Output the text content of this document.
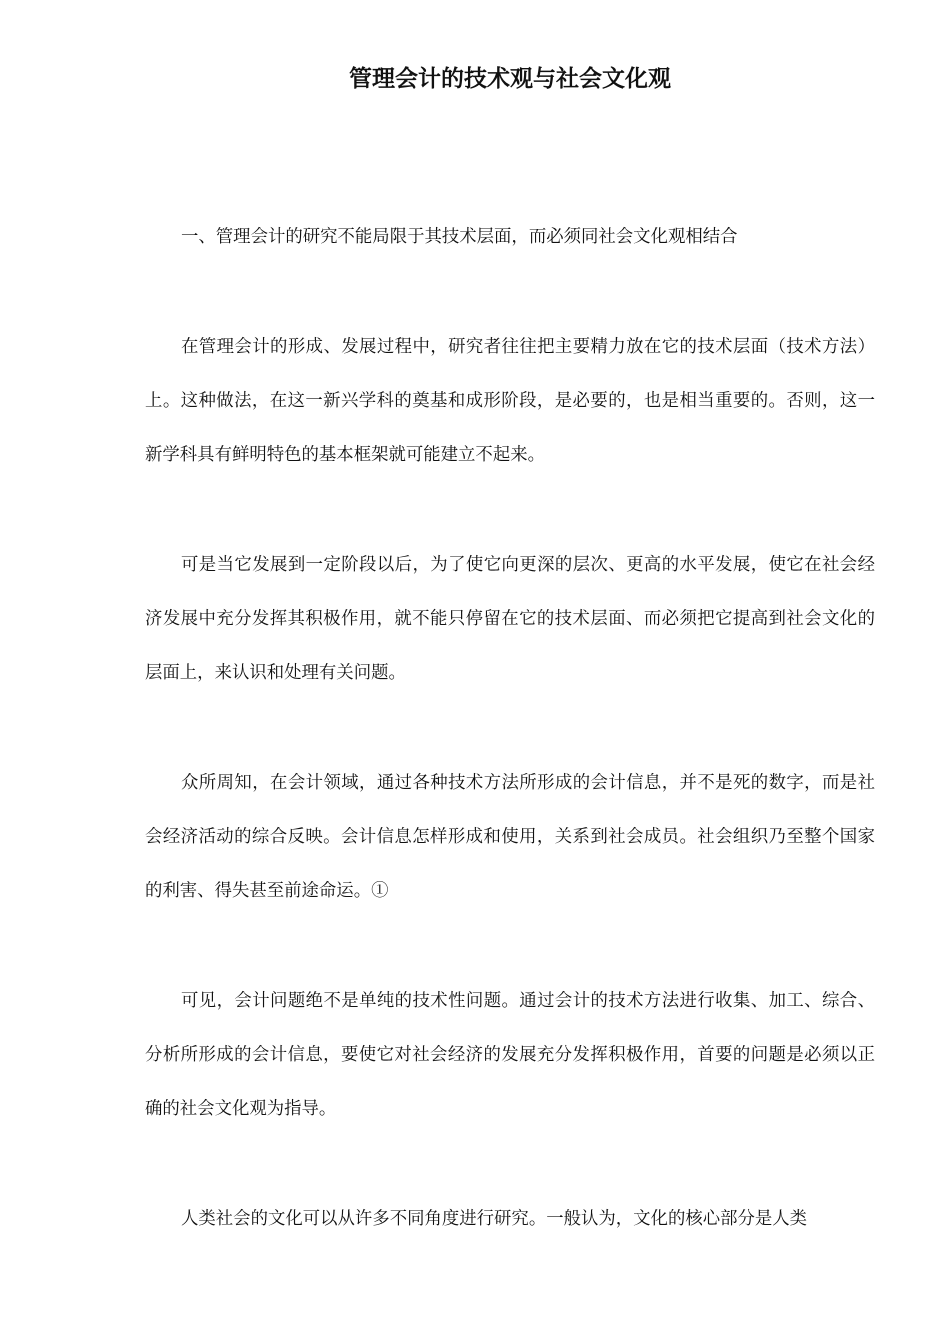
管理会计的技术观与社会文化观

一、管理会计的研究不能局限于其技术层面，而必须同社会文化观相结合

在管理会计的形成、发展过程中，研究者往往把主要精力放在它的技术层面（技术方法）上。这种做法，在这一新兴学科的奠基和成形阶段，是必要的，也是相当重要的。否则，这一新学科具有鲜明特色的基本框架就可能建立不起来。

可是当它发展到一定阶段以后，为了使它向更深的层次、更高的水平发展，使它在社会经济发展中充分发挥其积极作用，就不能只停留在它的技术层面、而必须把它提高到社会文化的层面上，来认识和处理有关问题。

众所周知，在会计领域，通过各种技术方法所形成的会计信息，并不是死的数字，而是社会经济活动的综合反映。会计信息怎样形成和使用，关系到社会成员。社会组织乃至整个国家的利害、得失甚至前途命运。①

可见，会计问题绝不是单纯的技术性问题。通过会计的技术方法进行收集、加工、综合、分析所形成的会计信息，要使它对社会经济的发展充分发挥积极作用，首要的问题是必须以正确的社会文化观为指导。

人类社会的文化可以从许多不同角度进行研究。一般认为，文化的核心部分是人类
